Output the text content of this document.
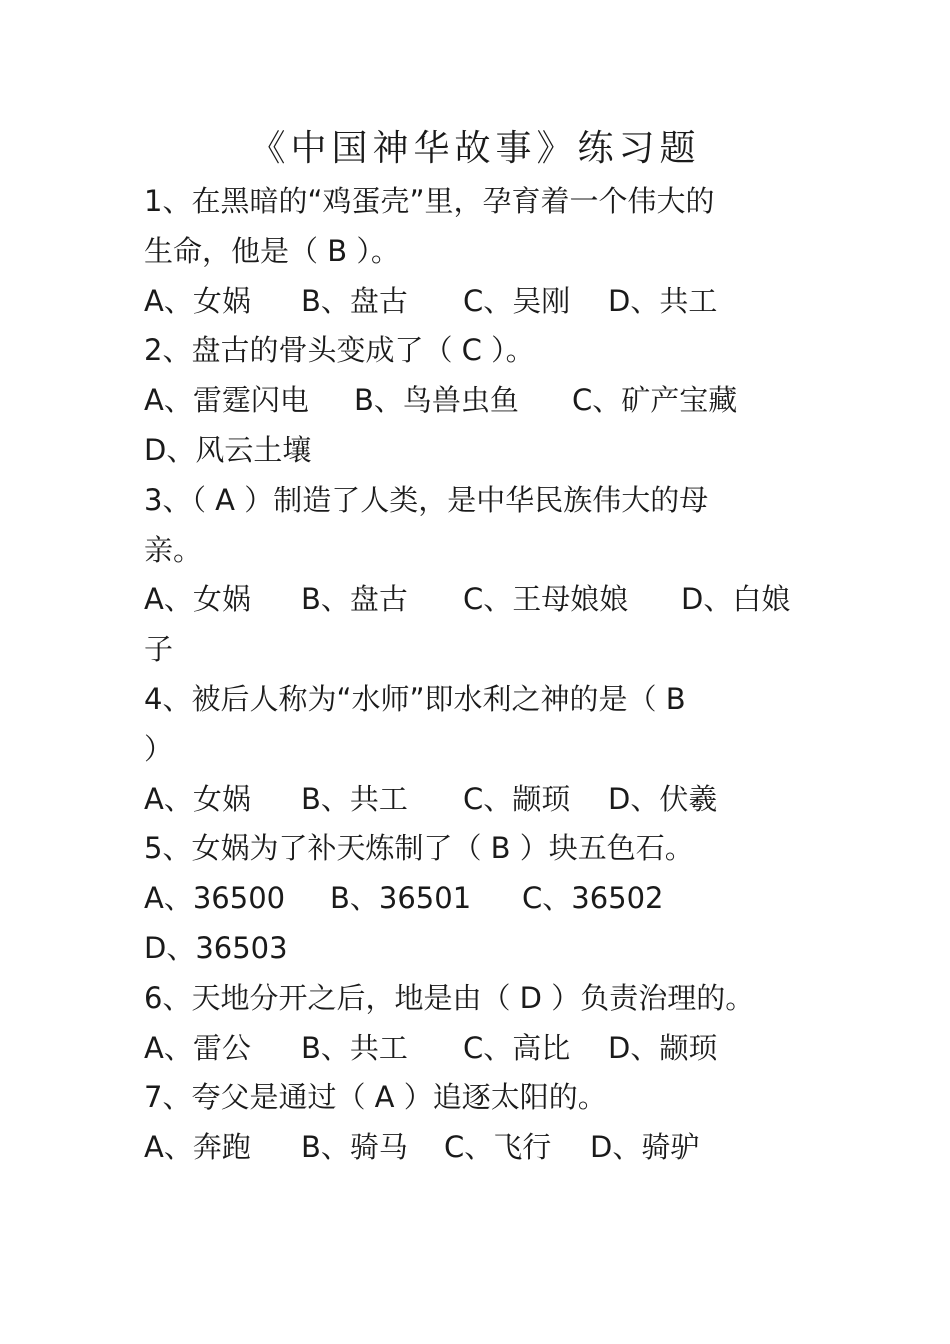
《中国神华故事》练习题
1、在黑暗的“鸡蛋壳”里，孕育着一个伟大的
生命，他是（ B ）。
A、女娲 B、盘古 C、吴刚 D、共工
2、盘古的骨头变成了（ C ）。
A、雷霆闪电 B、鸟兽虫鱼 C、矿产宝藏
D、风云土壤
3、（ A ）制造了人类，是中华民族伟大的母
亲。
A、女娲 B、盘古 C、王母娘娘 D、白娘
子
4、被后人称为“水师”即水利之神的是（ B
）
A、女娲 B、共工 C、颛顼 D、伏羲
5、女娲为了补天炼制了（ B ）块五色石。
A、36500 B、36501 C、36502
D、36503
6、天地分开之后，地是由（ D ）负责治理的。
A、雷公 B、共工 C、高比 D、颛顼
7、夸父是通过（ A ）追逐太阳的。
A、奔跑 B、骑马 C、飞行 D、骑驴
